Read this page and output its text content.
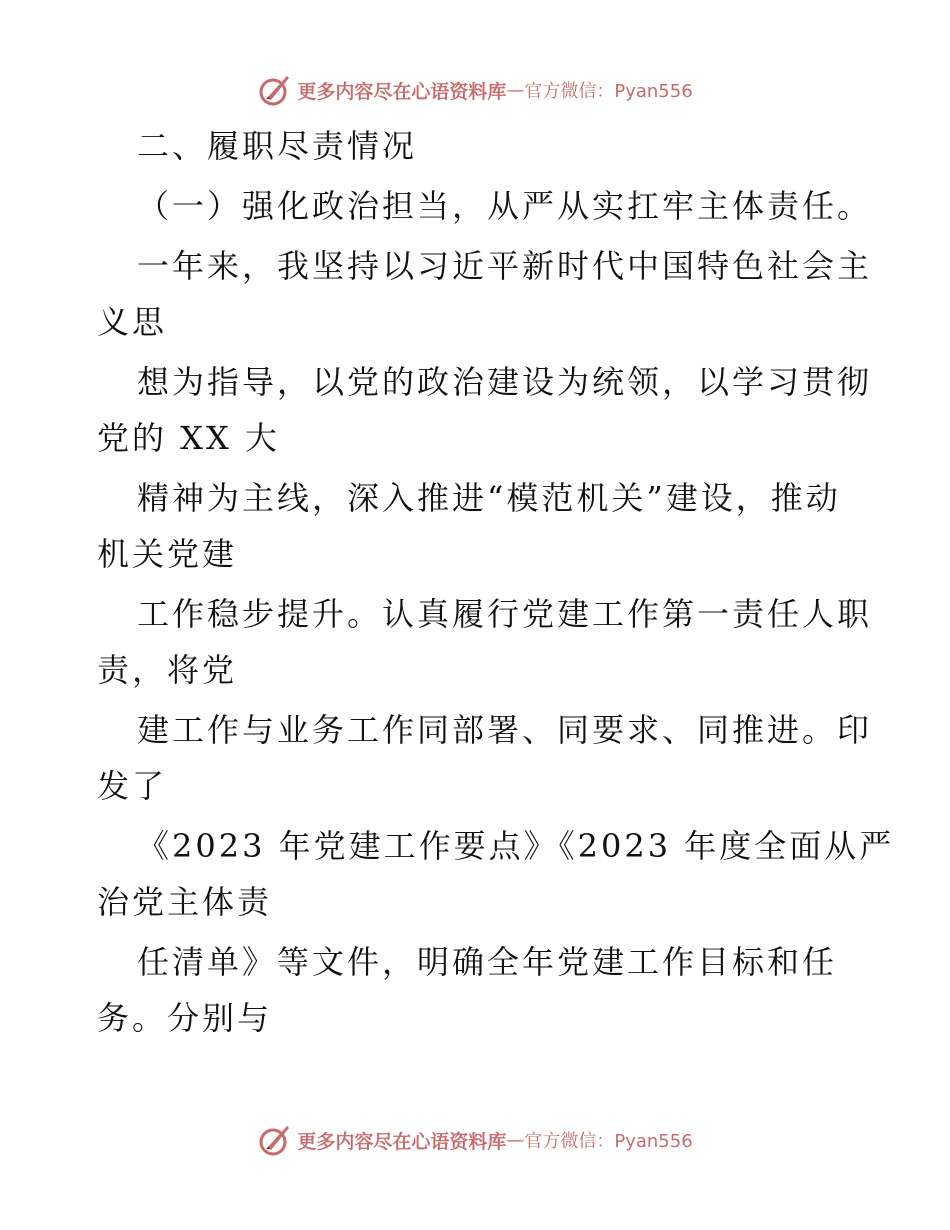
更多内容尽在心语资料库 — 官方微信：Pyan556
二、履职尽责情况
（一）强化政治担当，从严从实扛牢主体责任。
一年来，我坚持以习近平新时代中国特色社会主
义思
想为指导，以党的政治建设为统领，以学习贯彻
党的 XX 大
精神为主线，深入推进“模范机关”建设，推动
机关党建
工作稳步提升。认真履行党建工作第一责任人职
责，将党
建工作与业务工作同部署、同要求、同推进。印
发了
《2023 年党建工作要点》《2023 年度全面从严
治党主体责
任清单》等文件，明确全年党建工作目标和任
务。分别与
更多内容尽在心语资料库 — 官方微信：Pyan556
